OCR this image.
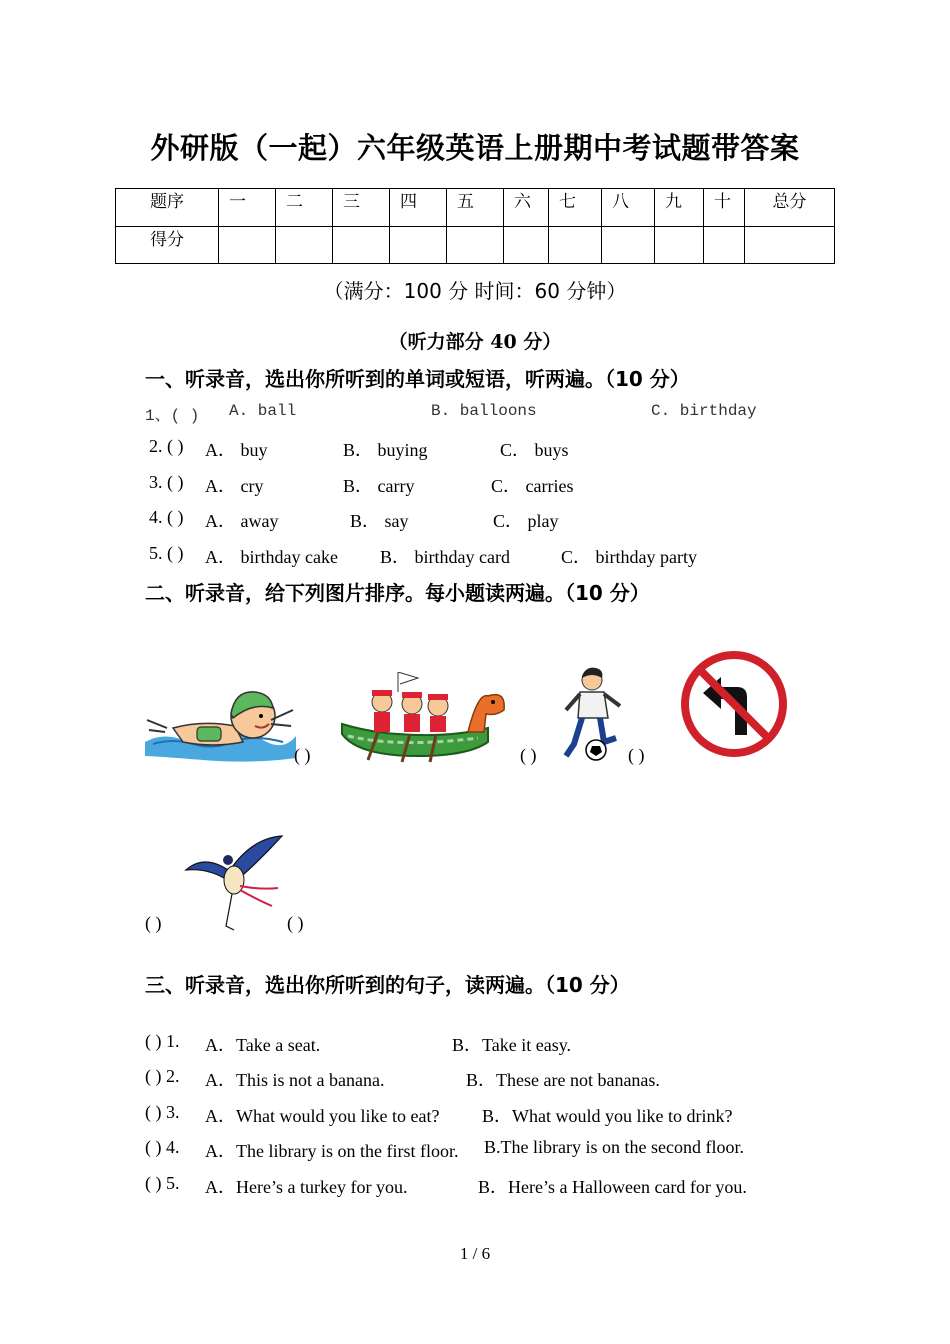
外研版（一起）六年级英语上册期中考试题带答案
题序	一	二	三	四	五	六	七	八	九	十	总分
得分											
（满分：100 分 时间：60 分钟）
（听力部分 40 分）
一、听录音，选出你所听到的单词或短语，听两遍。（10 分）
1、( ) A. ball	B. balloons	C. birthday
2. ( ) A． buy	B． buying	C． buys
3. ( ) A． cry	B． carry	C． carries
4. ( ) A． away	B． say	C． play
5. ( ) A． birthday cake B． birthday card	C． birthday party
二、听录音，给下列图片排序。每小题读两遍。（10 分）
( )	( )	( )
( )	( )
三、听录音，选出你所听到的句子，读两遍。（10 分）
( ) 1. A．Take a seat.	B．Take it easy.
( ) 2. A．This is not a banana.	B．These are not bananas.
( ) 3. A．What would you like to eat? B．What would you like to drink?
( ) 4. A．The library is on the first floor. B.The library is on the second floor.
( ) 5. A．Here’s a turkey for you.	B．Here’s a Halloween card for you.
1 / 6
